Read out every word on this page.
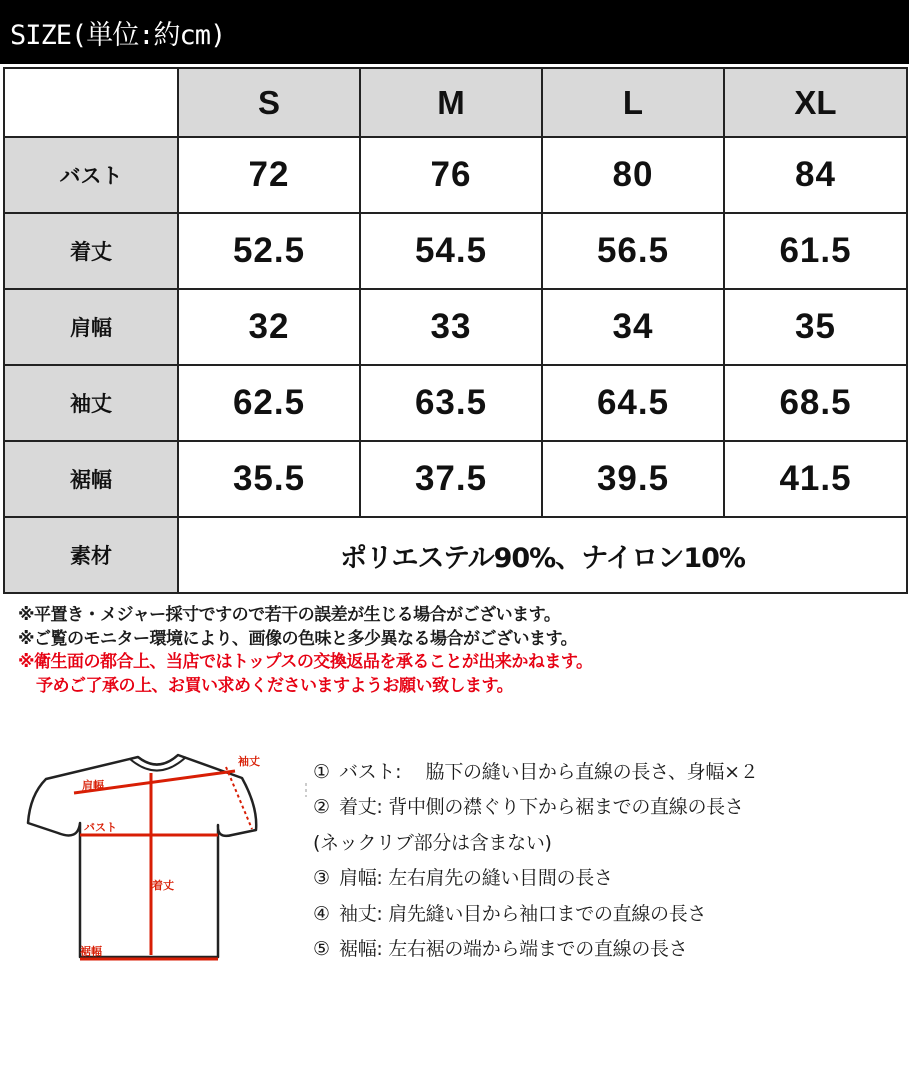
SIZE(単位:約cm)
	S	M	L	XL
バスト	72	76	80	84
着丈	52.5	54.5	56.5	61.5
肩幅	32	33	34	35
袖丈	62.5	63.5	64.5	68.5
裾幅	35.5	37.5	39.5	41.5
素材	ポリエステル90%、ナイロン10%			
※平置き・メジャー採寸ですので若干の誤差が生じる場合がございます。
※ご覧のモニター環境により、画像の色味と多少異なる場合がございます。
※衛生面の都合上、当店ではトップスの交換返品を承ることが出来かねます。
予めご了承の上、お買い求めくださいますようお願い致します。
袖丈
肩幅
バスト
着丈
裾幅
① バスト:　 脇下の縫い目から直線の長さ、身幅×２
② 着丈: 背中側の襟ぐり下から裾までの直線の長さ
(ネックリブ部分は含まない)
③ 肩幅: 左右肩先の縫い目間の長さ
④ 袖丈: 肩先縫い目から袖口までの直線の長さ
⑤ 裾幅: 左右裾の端から端までの直線の長さ
